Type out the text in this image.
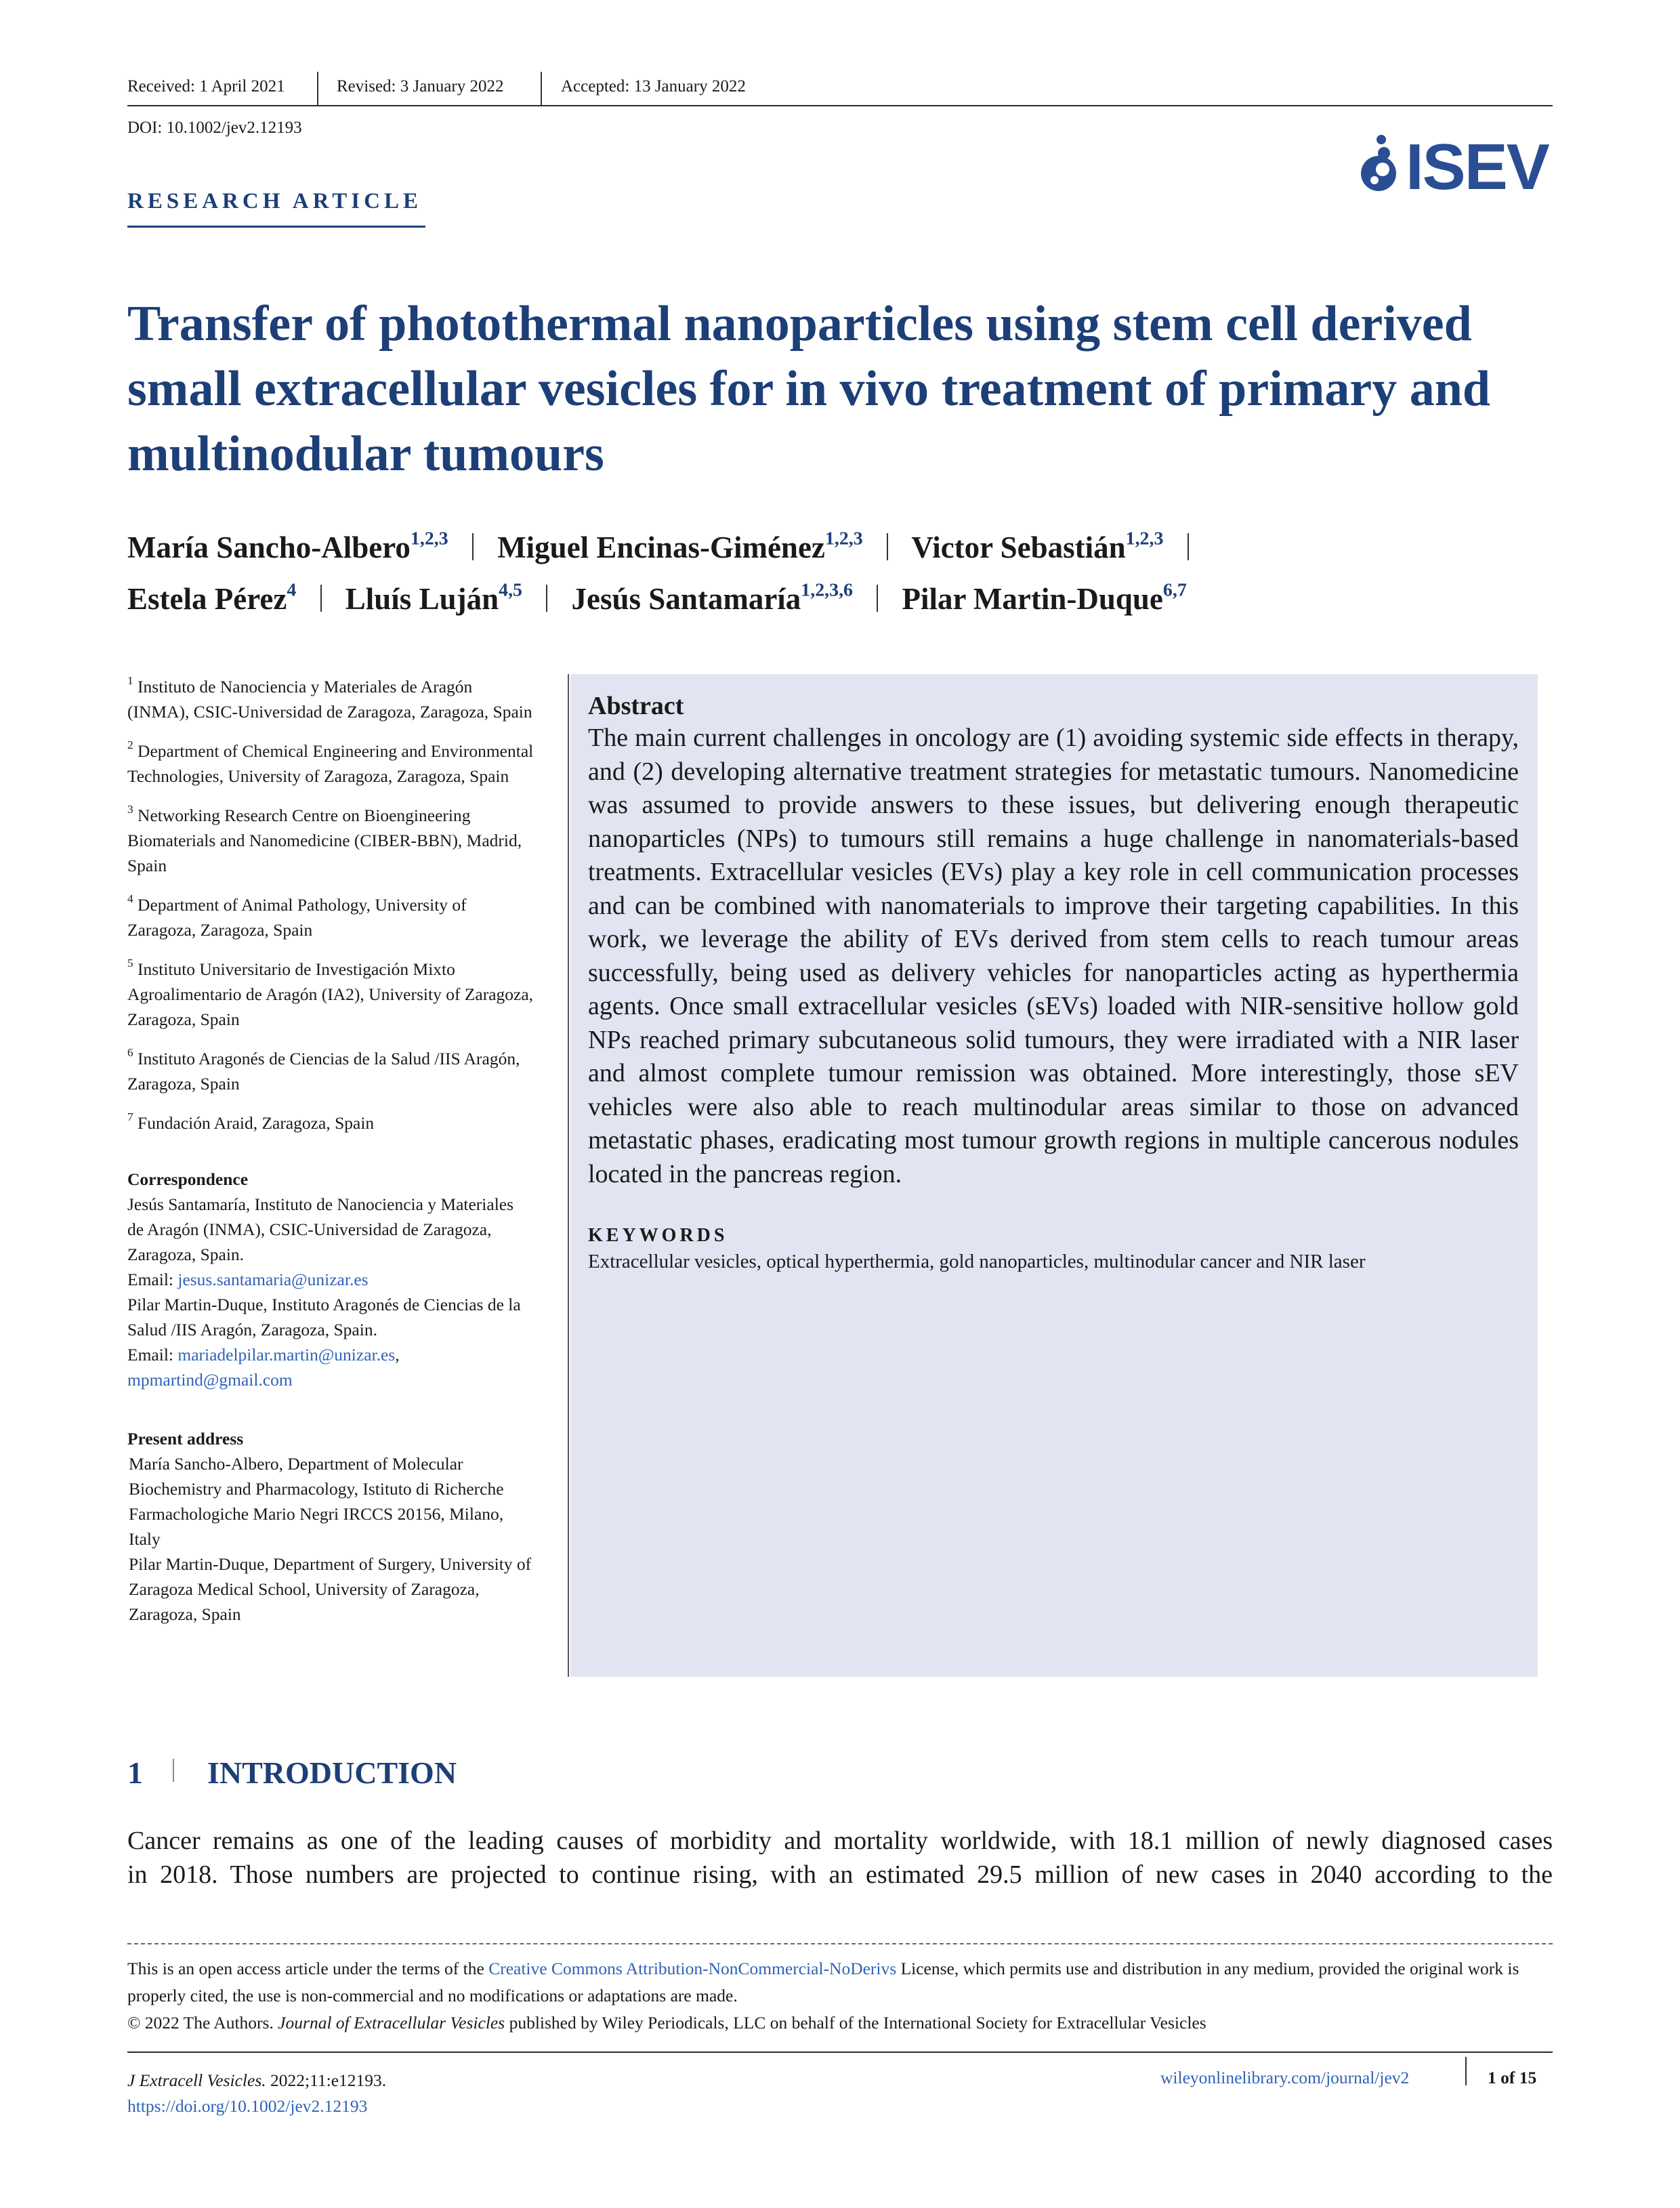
Received: 1 April 2021	Revised: 3 January 2022	Accepted: 13 January 2022
DOI: 10.1002/jev2.12193
RESEARCH ARTICLE	ISEV
Transfer of photothermal nanoparticles using stem cell derived small extracellular vesicles for in vivo treatment of primary and multinodular tumours
María Sancho-Albero$^{1,2,3}$ Miguel Encinas-Giménez$^{1,2,3}$ Victor Sebastián$^{1,2,3}$
Estela Pérez$^4$ Lluís Luján$^{4,5}$ Jesús Santamaría$^{1,2,3,6}$ Pilar Martin-Duque$^{6,7}$
$^1$ Instituto de Nanociencia y Materiales de Aragón (INMA), CSIC-Universidad de Zaragoza, Zaragoza, Spain
$^2$ Department of Chemical Engineering and Environmental Technologies, University of Zaragoza, Zaragoza, Spain
$^3$ Networking Research Centre on Bioengineering Biomaterials and Nanomedicine (CIBER-BBN), Madrid, Spain
$^4$ Department of Animal Pathology, University of Zaragoza, Zaragoza, Spain
$^5$ Instituto Universitario de Investigación Mixto Agroalimentario de Aragón (IA2), University of Zaragoza, Zaragoza, Spain
$^6$ Instituto Aragonés de Ciencias de la Salud /IIS Aragón, Zaragoza, Spain
$^7$ Fundación Araid, Zaragoza, Spain
Correspondence
Jesús Santamaría, Instituto de Nanociencia y Materiales de Aragón (INMA), CSIC-Universidad de Zaragoza, Zaragoza, Spain.
Email: jesus.santamaria@unizar.es
Pilar Martin-Duque, Instituto Aragonés de Ciencias de la Salud /IIS Aragón, Zaragoza, Spain.
Email: mariadelpilar.martin@unizar.es,
mpmartind@gmail.com
Present address
María Sancho-Albero, Department of Molecular Biochemistry and Pharmacology, Istituto di Richerche Farmachologiche Mario Negri IRCCS 20156, Milano, Italy
Pilar Martin-Duque, Department of Surgery, University of Zaragoza Medical School, University of Zaragoza, Zaragoza, Spain
Abstract

The main current challenges in oncology are (1) avoiding systemic side effects in therapy, and (2) developing alternative treatment strategies for metastatic tumours. Nanomedicine was assumed to provide answers to these issues, but delivering enough therapeutic nanoparticles (NPs) to tumours still remains a huge challenge in nanomaterials-based treatments. Extracellular vesicles (EVs) play a key role in cell communication processes and can be combined with nanomaterials to improve their targeting capabilities. In this work, we leverage the ability of EVs derived from stem cells to reach tumour areas successfully, being used as delivery vehicles for nanoparticles acting as hyperthermia agents. Once small extracellular vesicles (sEVs) loaded with NIR-sensitive hollow gold NPs reached primary subcutaneous solid tumours, they were irradiated with a NIR laser and almost complete tumour remission was obtained. More interestingly, those sEV vehicles were also able to reach multinodular areas similar to those on advanced metastatic phases, eradicating most tumour growth regions in multiple cancerous nodules located in the pancreas region.

KEYWORDS
Extracellular vesicles, optical hyperthermia, gold nanoparticles, multinodular cancer and NIR laser
1 INTRODUCTION
Cancer remains as one of the leading causes of morbidity and mortality worldwide, with 18.1 million of newly diagnosed cases
in 2018. Those numbers are projected to continue rising, with an estimated 29.5 million of new cases in 2040 according to the
This is an open access article under the terms of the Creative Commons Attribution-NonCommercial-NoDerivs License, which permits use and distribution in any medium, provided the original work is properly cited, the use is non-commercial and no modifications or adaptations are made.
© 2022 The Authors. Journal of Extracellular Vesicles published by Wiley Periodicals, LLC on behalf of the International Society for Extracellular Vesicles
J Extracell Vesicles. 2022;11:e12193.
https://doi.org/10.1002/jev2.12193
wileyonlinelibrary.com/journal/jev2	1 of 15
